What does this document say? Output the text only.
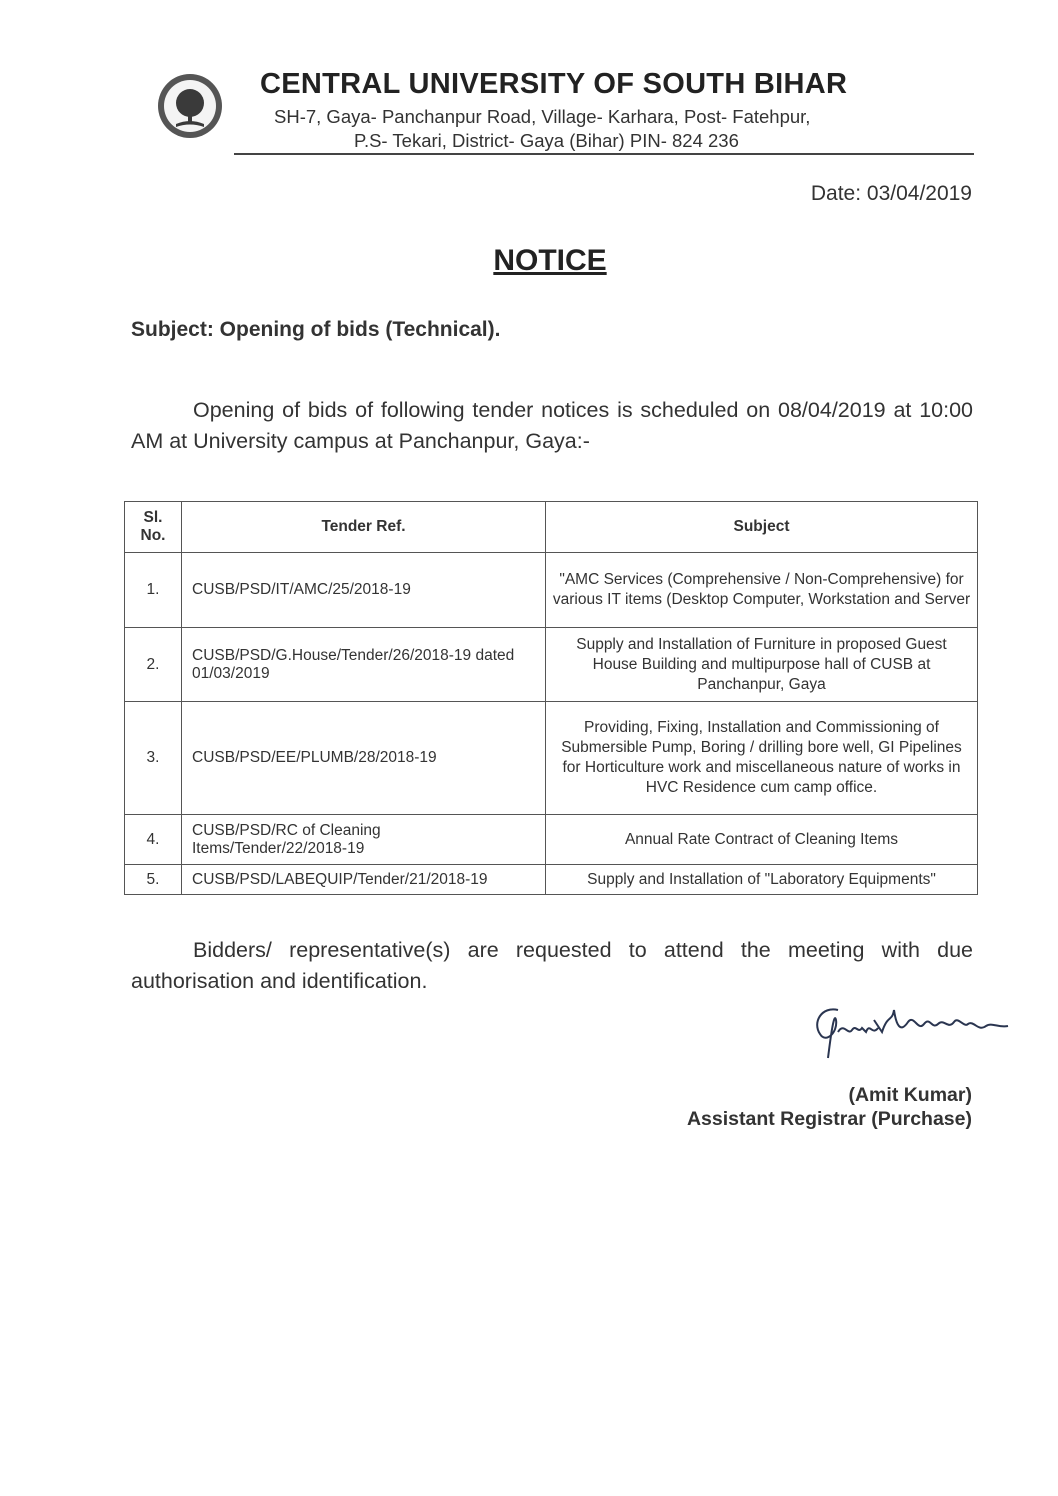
CENTRAL UNIVERSITY OF SOUTH BIHAR
SH-7, Gaya- Panchanpur Road, Village- Karhara, Post- Fatehpur,
P.S- Tekari, District- Gaya (Bihar) PIN- 824 236
Date: 03/04/2019
NOTICE
Subject: Opening of bids (Technical).
Opening of bids of following tender notices is scheduled on 08/04/2019 at 10:00 AM at University campus at Panchanpur, Gaya:-
Sl. No.	Tender Ref.	Subject
1.	CUSB/PSD/IT/AMC/25/2018-19	"AMC Services (Comprehensive / Non-Comprehensive) for various IT items (Desktop Computer, Workstation and Server
2.	CUSB/PSD/G.House/Tender/26/2018-19 dated 01/03/2019	Supply and Installation of Furniture in proposed Guest House Building and multipurpose hall of CUSB at Panchanpur, Gaya
3.	CUSB/PSD/EE/PLUMB/28/2018-19	Providing, Fixing, Installation and Commissioning of Submersible Pump, Boring / drilling bore well, GI Pipelines for Horticulture work and miscellaneous nature of works in HVC Residence cum camp office.
4.	CUSB/PSD/RC of Cleaning Items/Tender/22/2018-19	Annual Rate Contract of Cleaning Items
5.	CUSB/PSD/LABEQUIP/Tender/21/2018-19	Supply and Installation of "Laboratory Equipments"
Bidders/ representative(s) are requested to attend the meeting with due authorisation and identification.
(Amit Kumar)
Assistant Registrar (Purchase)
